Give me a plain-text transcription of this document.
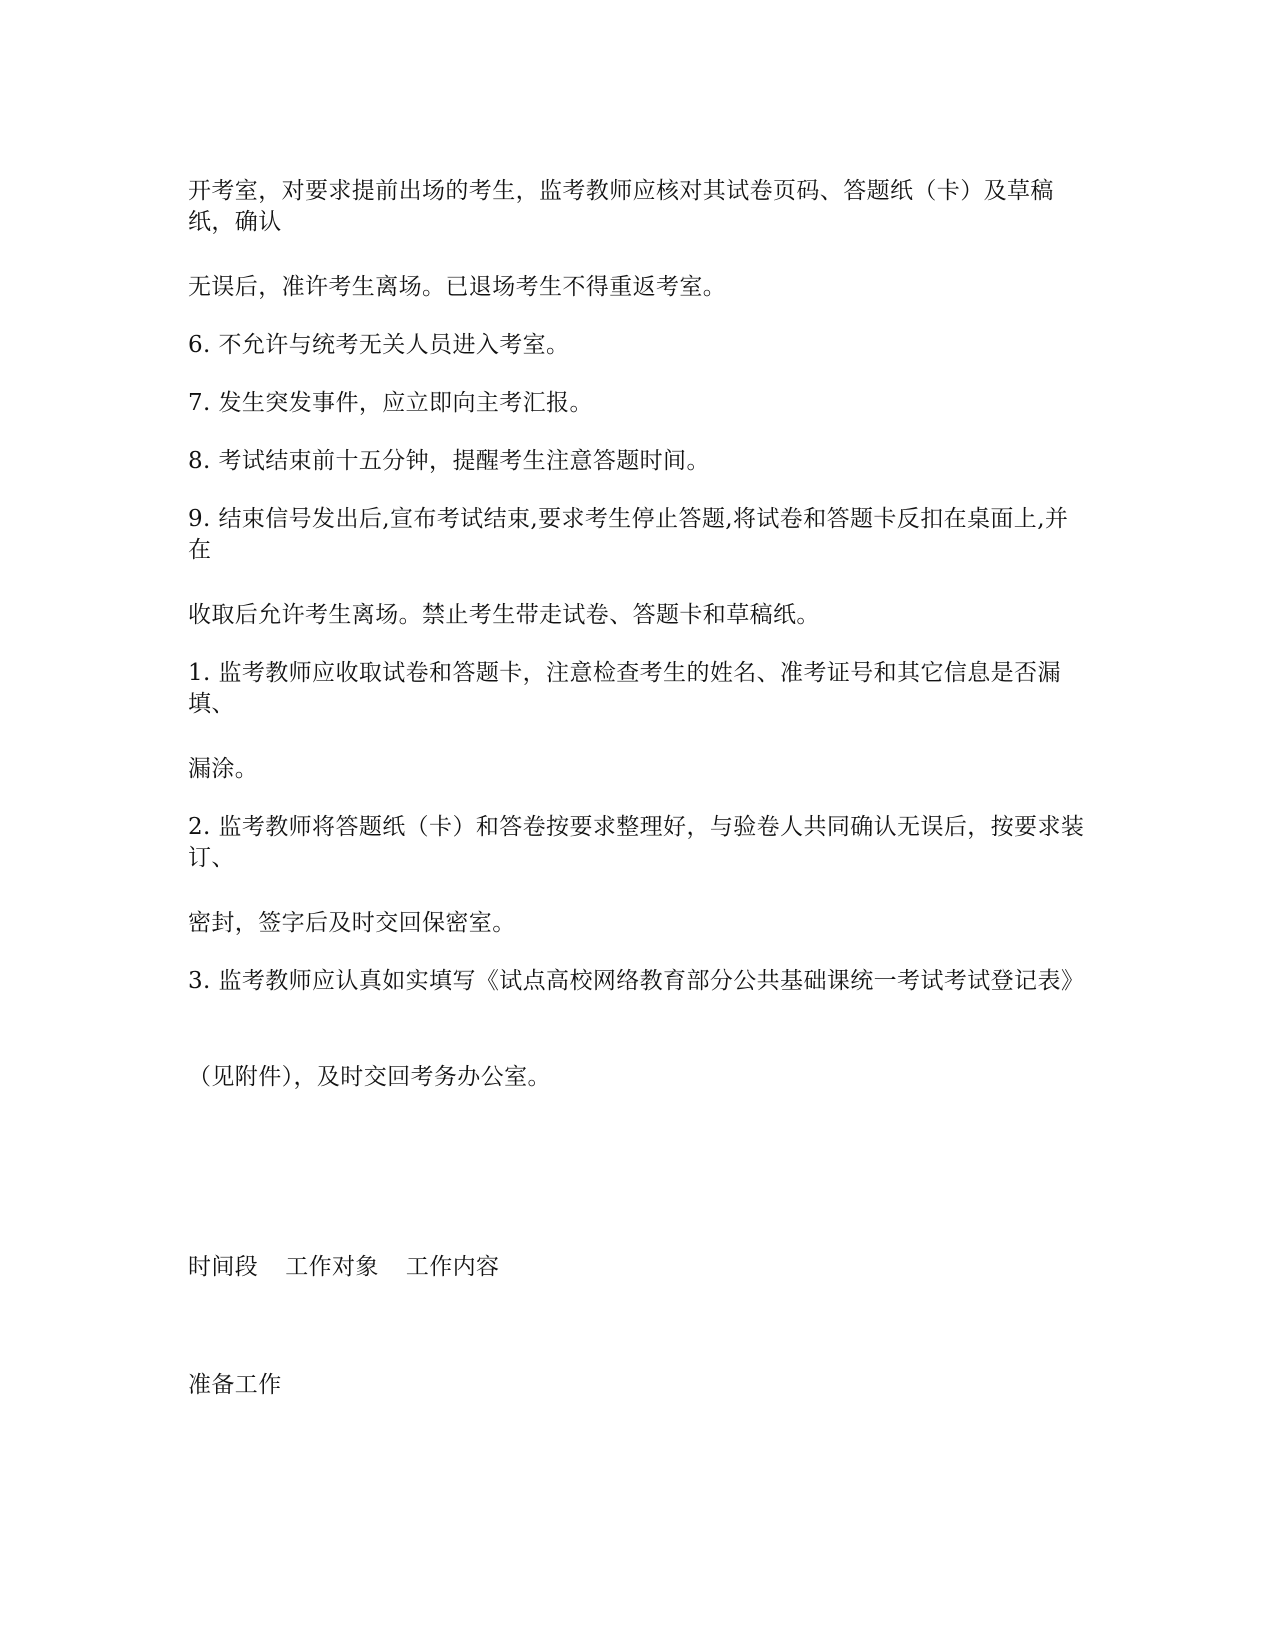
开考室，对要求提前出场的考生，监考教师应核对其试卷页码、答题纸（卡）及草稿纸，确认
无误后，准许考生离场。已退场考生不得重返考室。
6. 不允许与统考无关人员进入考室。
7. 发生突发事件，应立即向主考汇报。
8. 考试结束前十五分钟，提醒考生注意答题时间。
9. 结束信号发出后,宣布考试结束,要求考生停止答题,将试卷和答题卡反扣在桌面上,并在
收取后允许考生离场。禁止考生带走试卷、答题卡和草稿纸。
1. 监考教师应收取试卷和答题卡，注意检查考生的姓名、准考证号和其它信息是否漏填、
漏涂。
2. 监考教师将答题纸（卡）和答卷按要求整理好，与验卷人共同确认无误后，按要求装订、
密封，签字后及时交回保密室。
3. 监考教师应认真如实填写《试点高校网络教育部分公共基础课统一考试考试登记表》
（见附件），及时交回考务办公室。
时间段 工作对象 工作内容
准备工作
